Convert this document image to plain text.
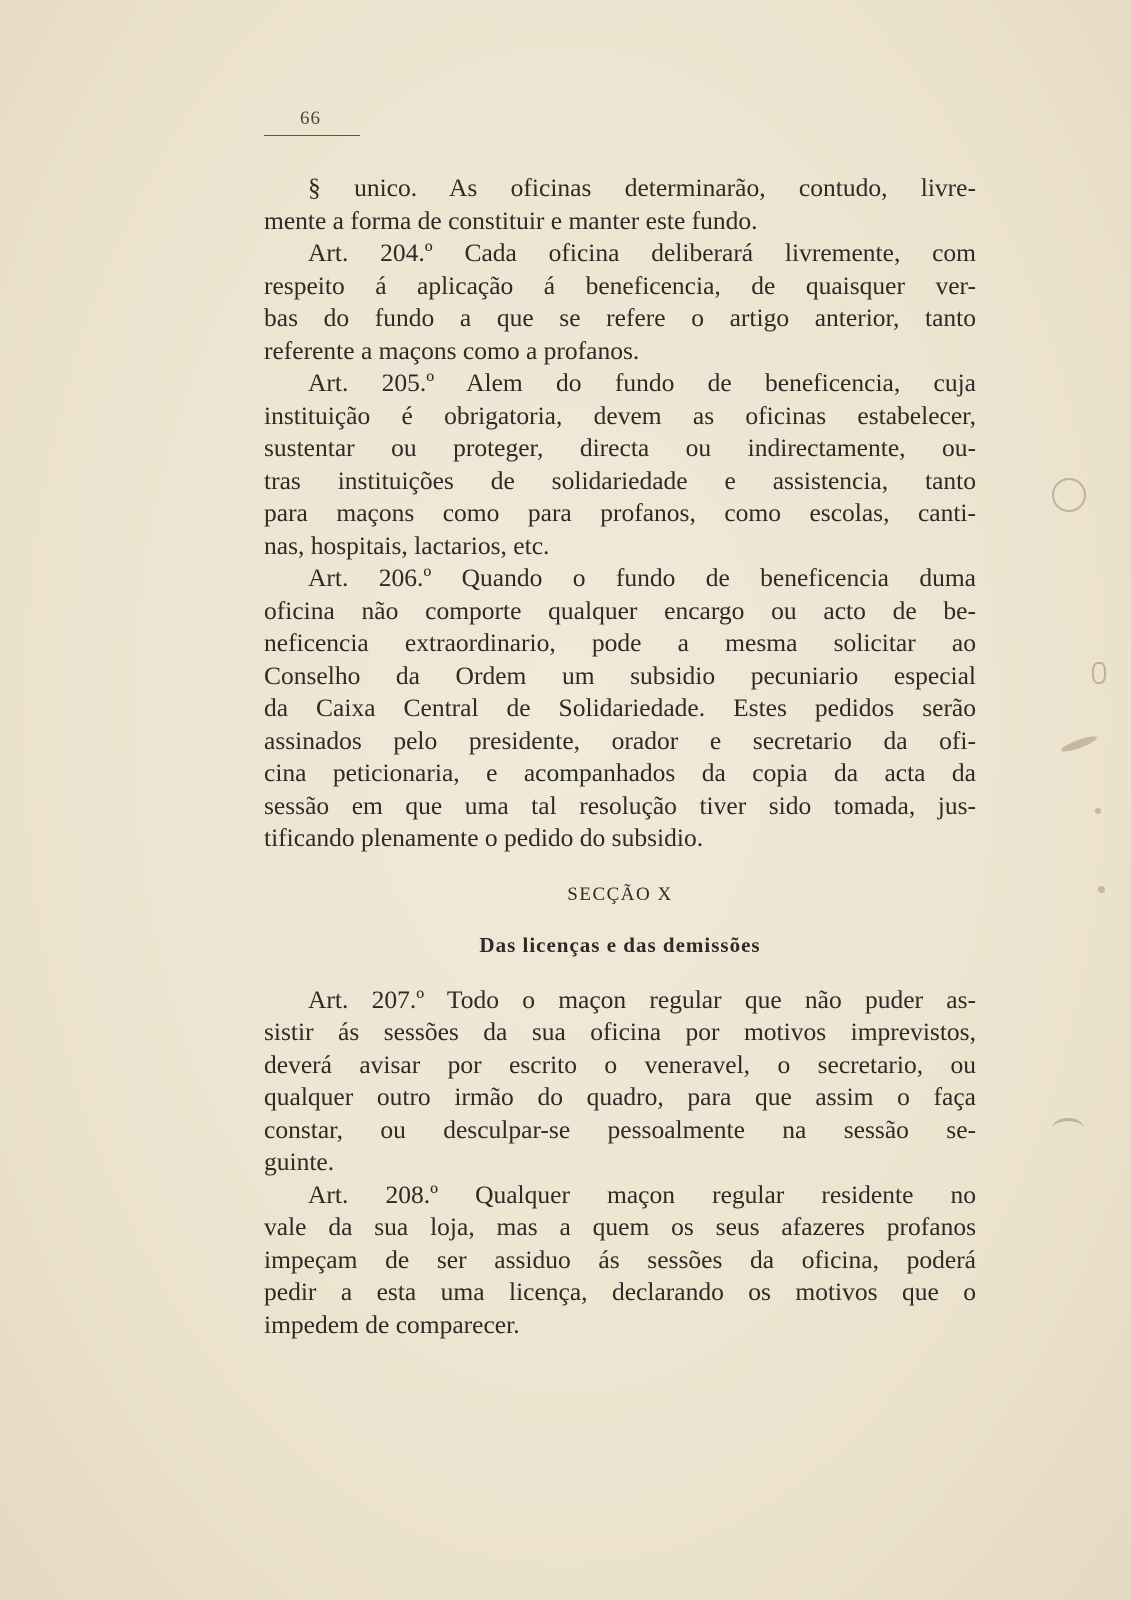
66
§ unico. As oficinas determinarão, contudo, livre-
mente a forma de constituir e manter este fundo.
Art. 204.º Cada oficina deliberará livremente, com
respeito á aplicação á beneficencia, de quaisquer ver-
bas do fundo a que se refere o artigo anterior, tanto
referente a maçons como a profanos.
Art. 205.º Alem do fundo de beneficencia, cuja
instituição é obrigatoria, devem as oficinas estabelecer,
sustentar ou proteger, directa ou indirectamente, ou-
tras instituições de solidariedade e assistencia, tanto
para maçons como para profanos, como escolas, canti-
nas, hospitais, lactarios, etc.
Art. 206.º Quando o fundo de beneficencia duma
oficina não comporte qualquer encargo ou acto de be-
neficencia extraordinario, pode a mesma solicitar ao
Conselho da Ordem um subsidio pecuniario especial
da Caixa Central de Solidariedade. Estes pedidos serão
assinados pelo presidente, orador e secretario da ofi-
cina peticionaria, e acompanhados da copia da acta da
sessão em que uma tal resolução tiver sido tomada, jus-
tificando plenamente o pedido do subsidio.
SECÇÃO X
Das licenças e das demissões
Art. 207.º Todo o maçon regular que não puder as-
sistir ás sessões da sua oficina por motivos imprevistos,
deverá avisar por escrito o veneravel, o secretario, ou
qualquer outro irmão do quadro, para que assim o faça
constar, ou desculpar-se pessoalmente na sessão se-
guinte.
Art. 208.º Qualquer maçon regular residente no
vale da sua loja, mas a quem os seus afazeres profanos
impeçam de ser assiduo ás sessões da oficina, poderá
pedir a esta uma licença, declarando os motivos que o
impedem de comparecer.
